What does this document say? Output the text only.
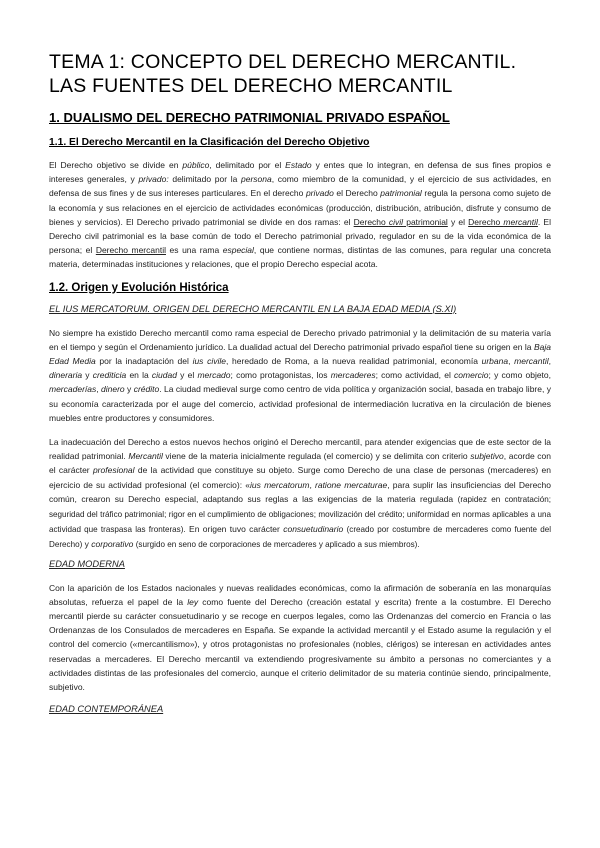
TEMA 1: CONCEPTO DEL DERECHO MERCANTIL.
LAS FUENTES DEL DERECHO MERCANTIL
1. DUALISMO DEL DERECHO PATRIMONIAL PRIVADO ESPAÑOL
1.1. El Derecho Mercantil en la Clasificación del Derecho Objetivo

El Derecho objetivo se divide en público, delimitado por el Estado y entes que lo integran, en defensa de sus fines propios e intereses generales, y privado: delimitado por la persona, como miembro de la comunidad, y el ejercicio de sus actividades, en defensa de sus fines y de sus intereses particulares. En el derecho privado el Derecho patrimonial regula la persona como sujeto de la economía y sus relaciones en el ejercicio de actividades económicas (producción, distribución, atribución, disfrute y consumo de bienes y servicios). El Derecho privado patrimonial se divide en dos ramas: el Derecho civil patrimonial y el Derecho mercantil. El Derecho civil patrimonial es la base común de todo el Derecho patrimonial privado, regulador en su de la vida económica de la persona; el Derecho mercantil es una rama especial, que contiene normas, distintas de las comunes, para regular una concreta materia, determinadas instituciones y relaciones, que el propio Derecho especial acota.

1.2. Origen y Evolución Histórica
EL IUS MERCATORUM. ORIGEN DEL DERECHO MERCANTIL EN LA BAJA EDAD MEDIA (S.XI)

No siempre ha existido Derecho mercantil como rama especial de Derecho privado patrimonial y la delimitación de su materia varía en el tiempo y según el Ordenamiento jurídico. La dualidad actual del Derecho patrimonial privado español tiene su origen en la Baja Edad Media por la inadaptación del ius civile, heredado de Roma, a la nueva realidad patrimonial, economía urbana, mercantil, dineraria y crediticia en la ciudad y el mercado; como protagonistas, los mercaderes; como actividad, el comercio; y como objeto, mercaderías, dinero y crédito. La ciudad medieval surge como centro de vida política y organización social, basada en trabajo libre, y su economía caracterizada por el auge del comercio, actividad profesional de intermediación lucrativa en la circulación de bienes muebles entre productores y consumidores.

La inadecuación del Derecho a estos nuevos hechos originó el Derecho mercantil, para atender exigencias que de este sector de la realidad patrimonial. Mercantil viene de la materia inicialmente regulada (el comercio) y se delimita con criterio subjetivo, acorde con el carácter profesional de la actividad que constituye su objeto. Surge como Derecho de una clase de personas (mercaderes) en ejercicio de su actividad profesional (el comercio): «ius mercatorum, ratione mercaturae, para suplir las insuficiencias del Derecho común, crearon su Derecho especial, adaptando sus reglas a las exigencias de la materia regulada (rapidez en contratación; seguridad del tráfico patrimonial; rigor en el cumplimiento de obligaciones; movilización del crédito; uniformidad en normas aplicables a una actividad que traspasa las fronteras). En origen tuvo carácter consuetudinario (creado por costumbre de mercaderes como fuente del Derecho) y corporativo (surgido en seno de corporaciones de mercaderes y aplicado a sus miembros).

EDAD MODERNA

Con la aparición de los Estados nacionales y nuevas realidades económicas, como la afirmación de soberanía en las monarquías absolutas, refuerza el papel de la ley como fuente del Derecho (creación estatal y escrita) frente a la costumbre. El Derecho mercantil pierde su carácter consuetudinario y se recoge en cuerpos legales, como las Ordenanzas del comercio en Francia o las Ordenanzas de los Consulados de mercaderes en España. Se expande la actividad mercantil y el Estado asume la regulación y el control del comercio («mercantilismo»), y otros protagonistas no profesionales (nobles, clérigos) se interesan en actividades antes reservadas a mercaderes. El Derecho mercantil va extendiendo progresivamente su ámbito a personas no comerciantes y a actividades distintas de las profesionales del comercio, aunque el criterio delimitador de su materia continúe siendo, principalmente, subjetivo.

EDAD CONTEMPORÁNEA
